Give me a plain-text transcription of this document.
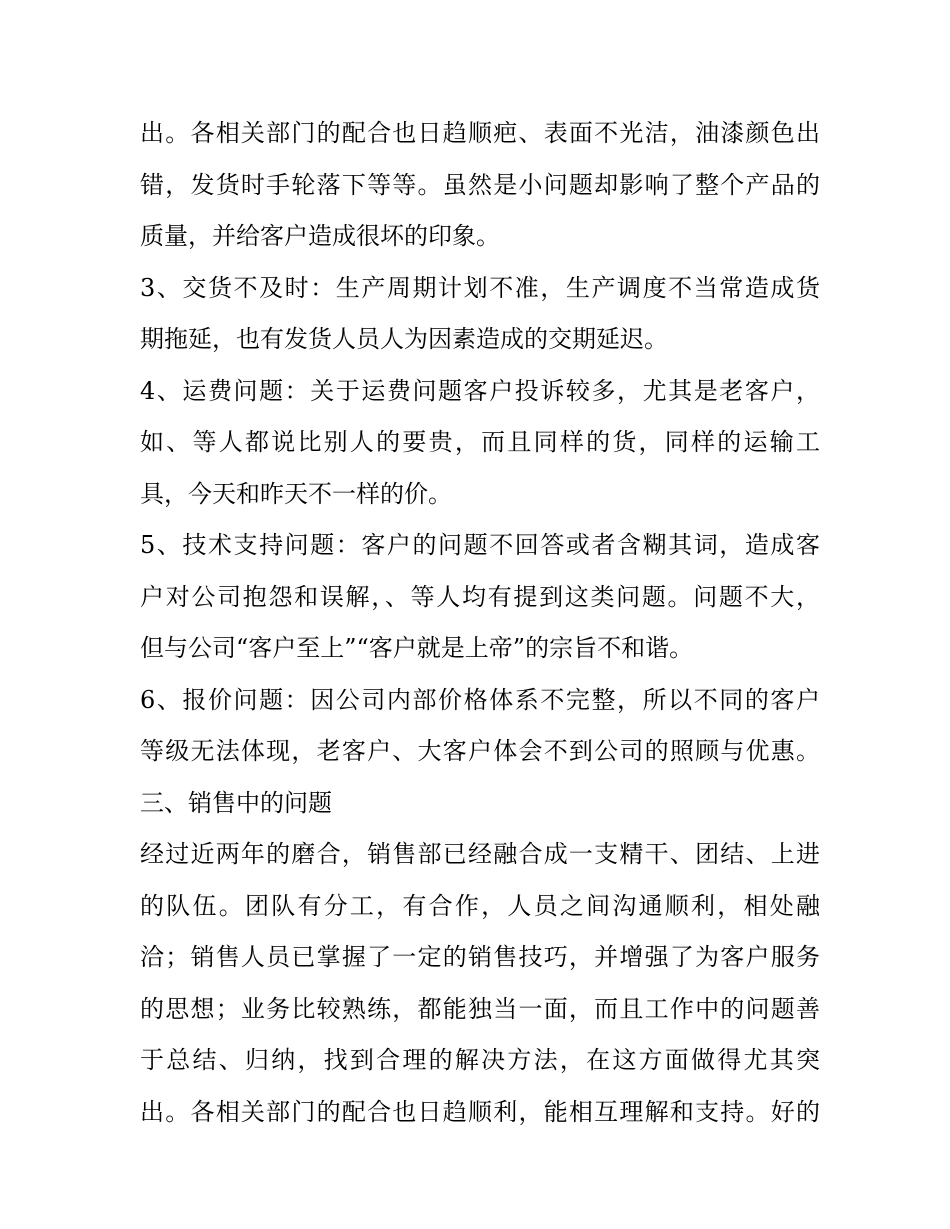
出。各相关部门的配合也日趋顺疤、表面不光洁，油漆颜色出
错，发货时手轮落下等等。虽然是小问题却影响了整个产品的
质量，并给客户造成很坏的印象。
3、交货不及时：生产周期计划不准，生产调度不当常造成货
期拖延，也有发货人员人为因素造成的交期延迟。
4、运费问题：关于运费问题客户投诉较多，尤其是老客户，
如、等人都说比别人的要贵，而且同样的货，同样的运输工
具，今天和昨天不一样的价。
5、技术支持问题：客户的问题不回答或者含糊其词，造成客
户对公司抱怨和误解，、等人均有提到这类问题。问题不大，
但与公司“客户至上”“客户就是上帝”的宗旨不和谐。
6、报价问题：因公司内部价格体系不完整，所以不同的客户
等级无法体现，老客户、大客户体会不到公司的照顾与优惠。
三、销售中的问题
经过近两年的磨合，销售部已经融合成一支精干、团结、上进
的队伍。团队有分工，有合作，人员之间沟通顺利，相处融
洽；销售人员已掌握了一定的销售技巧，并增强了为客户服务
的思想；业务比较熟练，都能独当一面，而且工作中的问题善
于总结、归纳，找到合理的解决方法，在这方面做得尤其突
出。各相关部门的配合也日趋顺利，能相互理解和支持。好的
